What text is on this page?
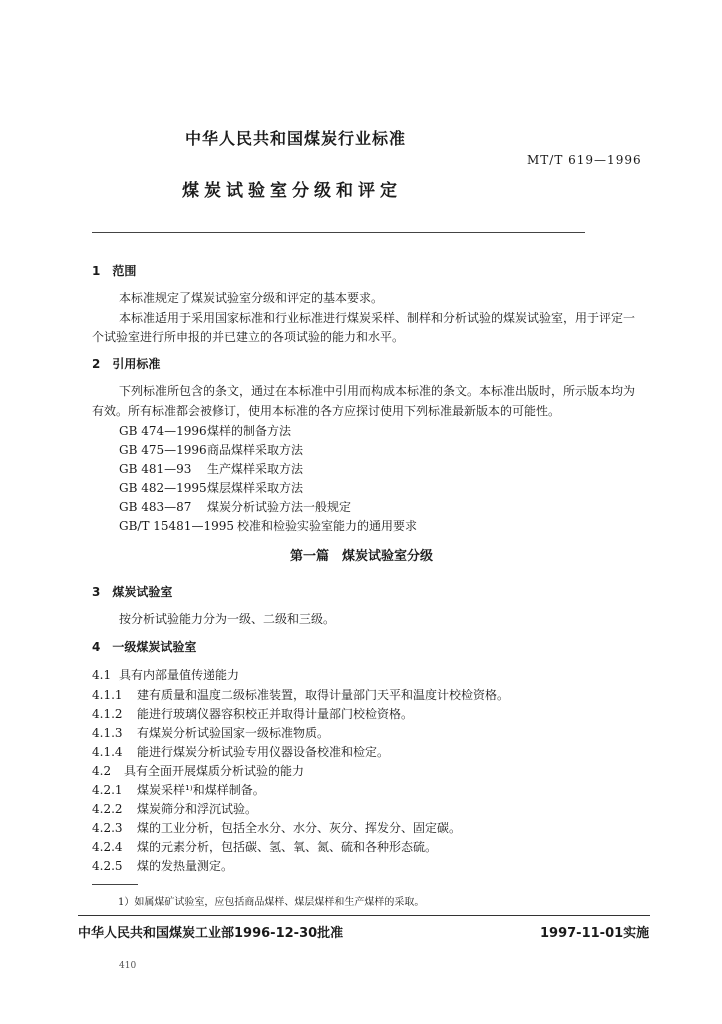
中华人民共和国煤炭行业标准
MT/T 619—1996
煤炭试验室分级和评定
1　范围
本标准规定了煤炭试验室分级和评定的基本要求。
本标准适用于采用国家标准和行业标准进行煤炭采样、制样和分析试验的煤炭试验室，用于评定一
个试验室进行所申报的并已建立的各项试验的能力和水平。
2　引用标准
下列标准所包含的条文，通过在本标准中引用而构成本标准的条文。本标准出版时，所示版本均为
有效。所有标准都会被修订，使用本标准的各方应探讨使用下列标准最新版本的可能性。
GB 474—1996煤样的制备方法
GB 475—1996商品煤样采取方法
GB 481—93 生产煤样采取方法
GB 482—1995煤层煤样采取方法
GB 483—87 煤炭分析试验方法一般规定
GB/T 15481—1995 校准和检验实验室能力的通用要求
第一篇　煤炭试验室分级
3　煤炭试验室
按分析试验能力分为一级、二级和三级。
4　一级煤炭试验室
4.1 具有内部量值传递能力
4.1.1 建有质量和温度二级标准装置，取得计量部门天平和温度计校检资格。
4.1.2 能进行玻璃仪器容积校正并取得计量部门校检资格。
4.1.3 有煤炭分析试验国家一级标准物质。
4.1.4 能进行煤炭分析试验专用仪器设备校准和检定。
4.2 具有全面开展煤质分析试验的能力
4.2.1 煤炭采样¹⁾和煤样制备。
4.2.2 煤炭筛分和浮沉试验。
4.2.3 煤的工业分析，包括全水分、水分、灰分、挥发分、固定碳。
4.2.4 煤的元素分析，包括碳、氢、氧、氮、硫和各种形态硫。
4.2.5 煤的发热量测定。
1）如属煤矿试验室，应包括商品煤样、煤层煤样和生产煤样的采取。
中华人民共和国煤炭工业部1996-12-30批准	1997-11-01实施
410
